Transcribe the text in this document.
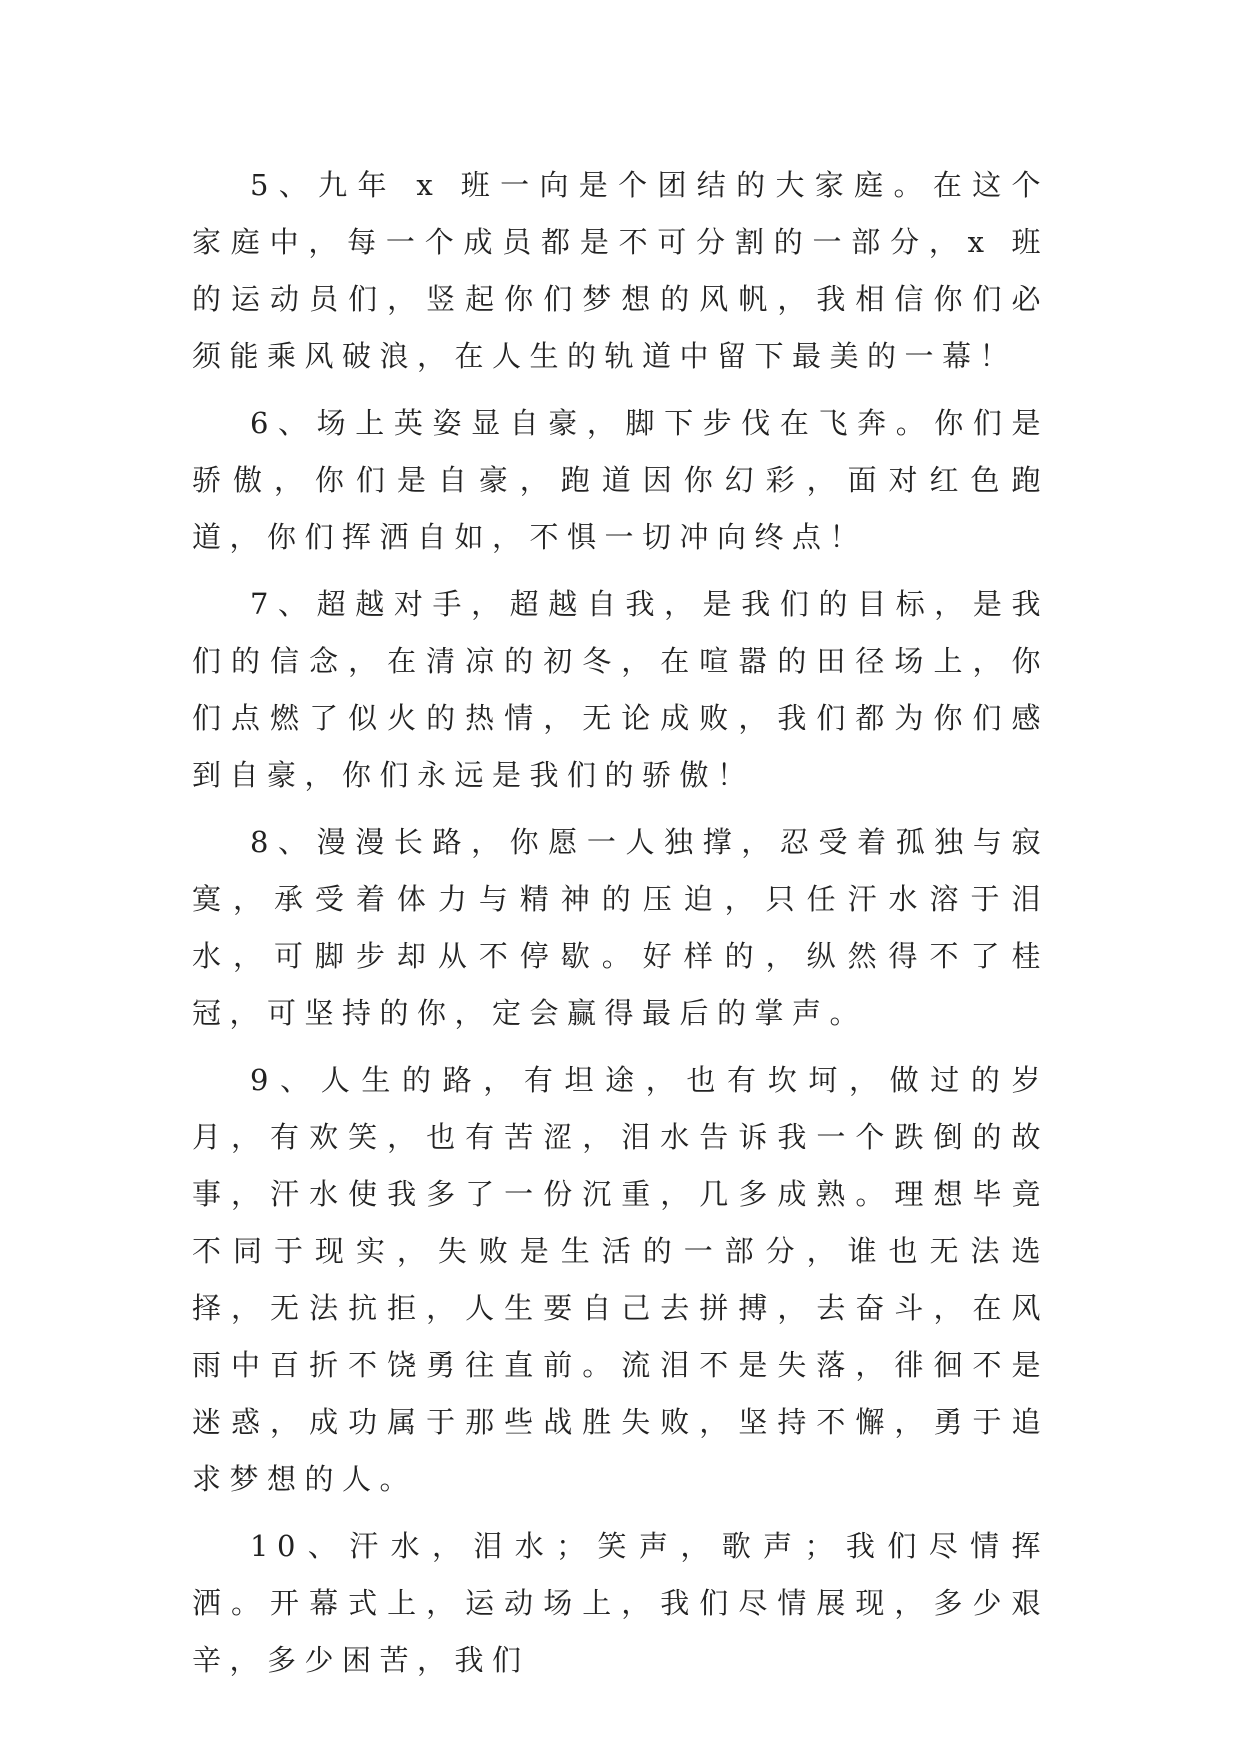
5、九年 x 班一向是个团结的大家庭。在这个家庭中，每一个成员都是不可分割的一部分，x 班的运动员们，竖起你们梦想的风帆，我相信你们必须能乘风破浪，在人生的轨道中留下最美的一幕！

6、场上英姿显自豪，脚下步伐在飞奔。你们是骄傲，你们是自豪，跑道因你幻彩，面对红色跑道，你们挥洒自如，不惧一切冲向终点！

7、超越对手，超越自我，是我们的目标，是我们的信念，在清凉的初冬，在喧嚣的田径场上，你们点燃了似火的热情，无论成败，我们都为你们感到自豪，你们永远是我们的骄傲！

8、漫漫长路，你愿一人独撑，忍受着孤独与寂寞，承受着体力与精神的压迫，只任汗水溶于泪水，可脚步却从不停歇。好样的，纵然得不了桂冠，可坚持的你，定会赢得最后的掌声。

9、人生的路，有坦途，也有坎坷，做过的岁月，有欢笑，也有苦涩，泪水告诉我一个跌倒的故事，汗水使我多了一份沉重，几多成熟。理想毕竟不同于现实，失败是生活的一部分，谁也无法选择，无法抗拒，人生要自己去拼搏，去奋斗，在风雨中百折不饶勇往直前。流泪不是失落，徘徊不是迷惑，成功属于那些战胜失败，坚持不懈，勇于追求梦想的人。

10、汗水，泪水；笑声，歌声；我们尽情挥洒。开幕式上，运动场上，我们尽情展现，多少艰辛，多少困苦，我们
